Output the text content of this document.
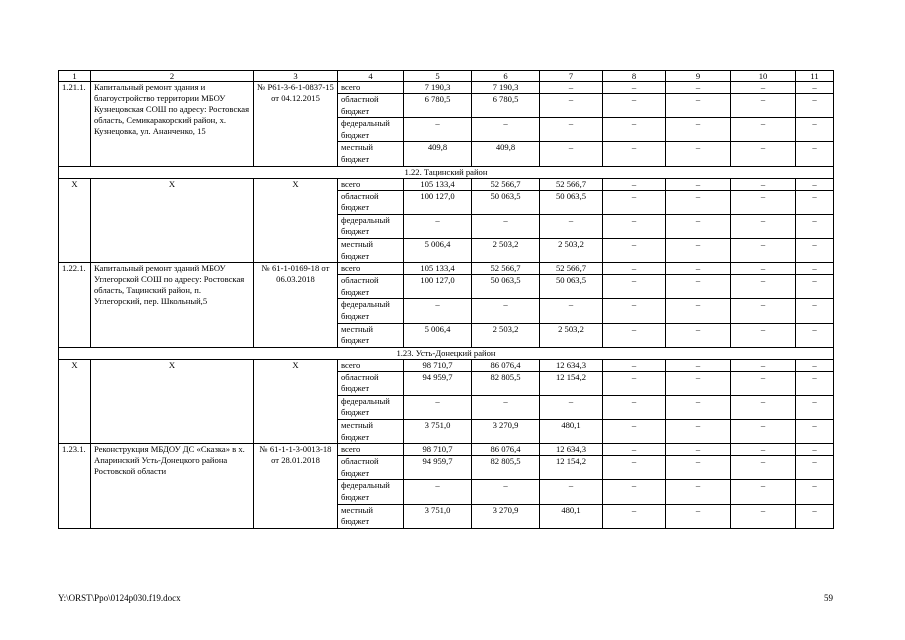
1	2	3	4	5	6	7	8	9	10	11
1.21.1.	Капитальный ремонт здания и благоустройство территории МБОУ Кузнецовская СОШ по адресу: Ростовская область, Семикаракорский район, х. Кузнецовка, ул. Ананченко, 15	№ Р61-3-6-1-0837-15 от 04.12.2015	всего	7 190,3	7 190,3	–	–	–	–	–
			областной бюджет	6 780,5	6 780,5	–	–	–	–	–
			федеральный бюджет	–	–	–	–	–	–	–
			местный бюджет	409,8	409,8	–	–	–	–	–
1.22. Тацинский район										
Х	Х	Х	всего	105 133,4	52 566,7	52 566,7	–	–	–	–
			областной бюджет	100 127,0	50 063,5	50 063,5	–	–	–	–
			федеральный бюджет	–	–	–	–	–	–	–
			местный бюджет	5 006,4	2 503,2	2 503,2	–	–	–	–
1.22.1.	Капитальный ремонт зданий МБОУ Углегорской СОШ по адресу: Ростовская область, Тацинский район, п. Углегорский, пер. Школьный,5	№ 61-1-0169-18 от 06.03.2018	всего	105 133,4	52 566,7	52 566,7	–	–	–	–
			областной бюджет	100 127,0	50 063,5	50 063,5	–	–	–	–
			федеральный бюджет	–	–	–	–	–	–	–
			местный бюджет	5 006,4	2 503,2	2 503,2	–	–	–	–
1.23. Усть-Донецкий район										
Х	Х	Х	всего	98 710,7	86 076,4	12 634,3	–	–	–	–
			областной бюджет	94 959,7	82 805,5	12 154,2	–	–	–	–
			федеральный бюджет	–	–	–	–	–	–	–
			местный бюджет	3 751,0	3 270,9	480,1	–	–	–	–
1.23.1.	Реконструкция МБДОУ ДС «Сказка» в х. Апаринский Усть-Донецкого района Ростовской области	№ 61-1-1-3-0013-18 от 28.01.2018	всего	98 710,7	86 076,4	12 634,3	–	–	–	–
			областной бюджет	94 959,7	82 805,5	12 154,2	–	–	–	–
			федеральный бюджет	–	–	–	–	–	–	–
			местный бюджет	3 751,0	3 270,9	480,1	–	–	–	–
Y:\ORST\Ppo\0124p030.f19.docx	59
